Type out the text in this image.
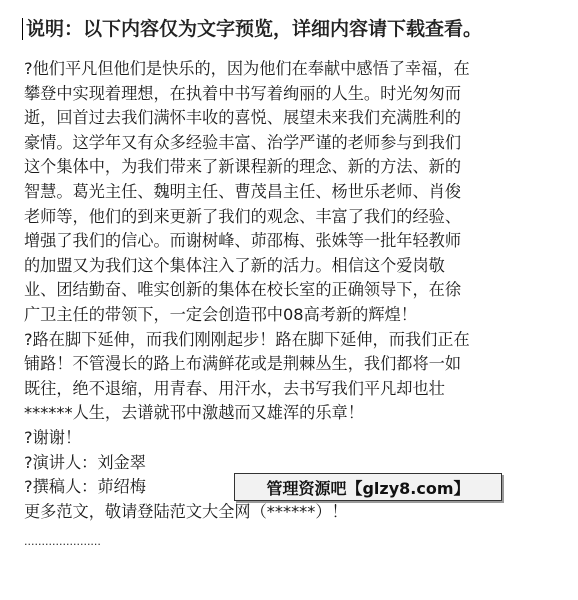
说明：以下内容仅为文字预览，详细内容请下载查看。
?他们平凡但他们是快乐的，因为他们在奉献中感悟了幸福，在
攀登中实现着理想，在执着中书写着绚丽的人生。时光匆匆而
逝，回首过去我们满怀丰收的喜悦、展望未来我们充满胜利的
豪情。这学年又有众多经验丰富、治学严谨的老师参与到我们
这个集体中，为我们带来了新课程新的理念、新的方法、新的
智慧。葛光主任、魏明主任、曹茂昌主任、杨世乐老师、肖俊
老师等，他们的到来更新了我们的观念、丰富了我们的经验、
增强了我们的信心。而谢树峰、茆邵梅、张姝等一批年轻教师
的加盟又为我们这个集体注入了新的活力。相信这个爱岗敬
业、团结勤奋、唯实创新的集体在校长室的正确领导下，在徐
广卫主任的带领下，一定会创造邗中08高考新的辉煌！
?路在脚下延伸，而我们刚刚起步！路在脚下延伸，而我们正在
铺路！不管漫长的路上布满鲜花或是荆棘丛生，我们都将一如
既往，绝不退缩，用青春、用汗水，去书写我们平凡却也壮
******人生，去谱就邗中激越而又雄浑的乐章！
?谢谢！
?演讲人：刘金翠
?撰稿人：茆绍梅
更多范文，敬请登陆范文大全网（******）！
管理资源吧【glzy8.com】
······················
